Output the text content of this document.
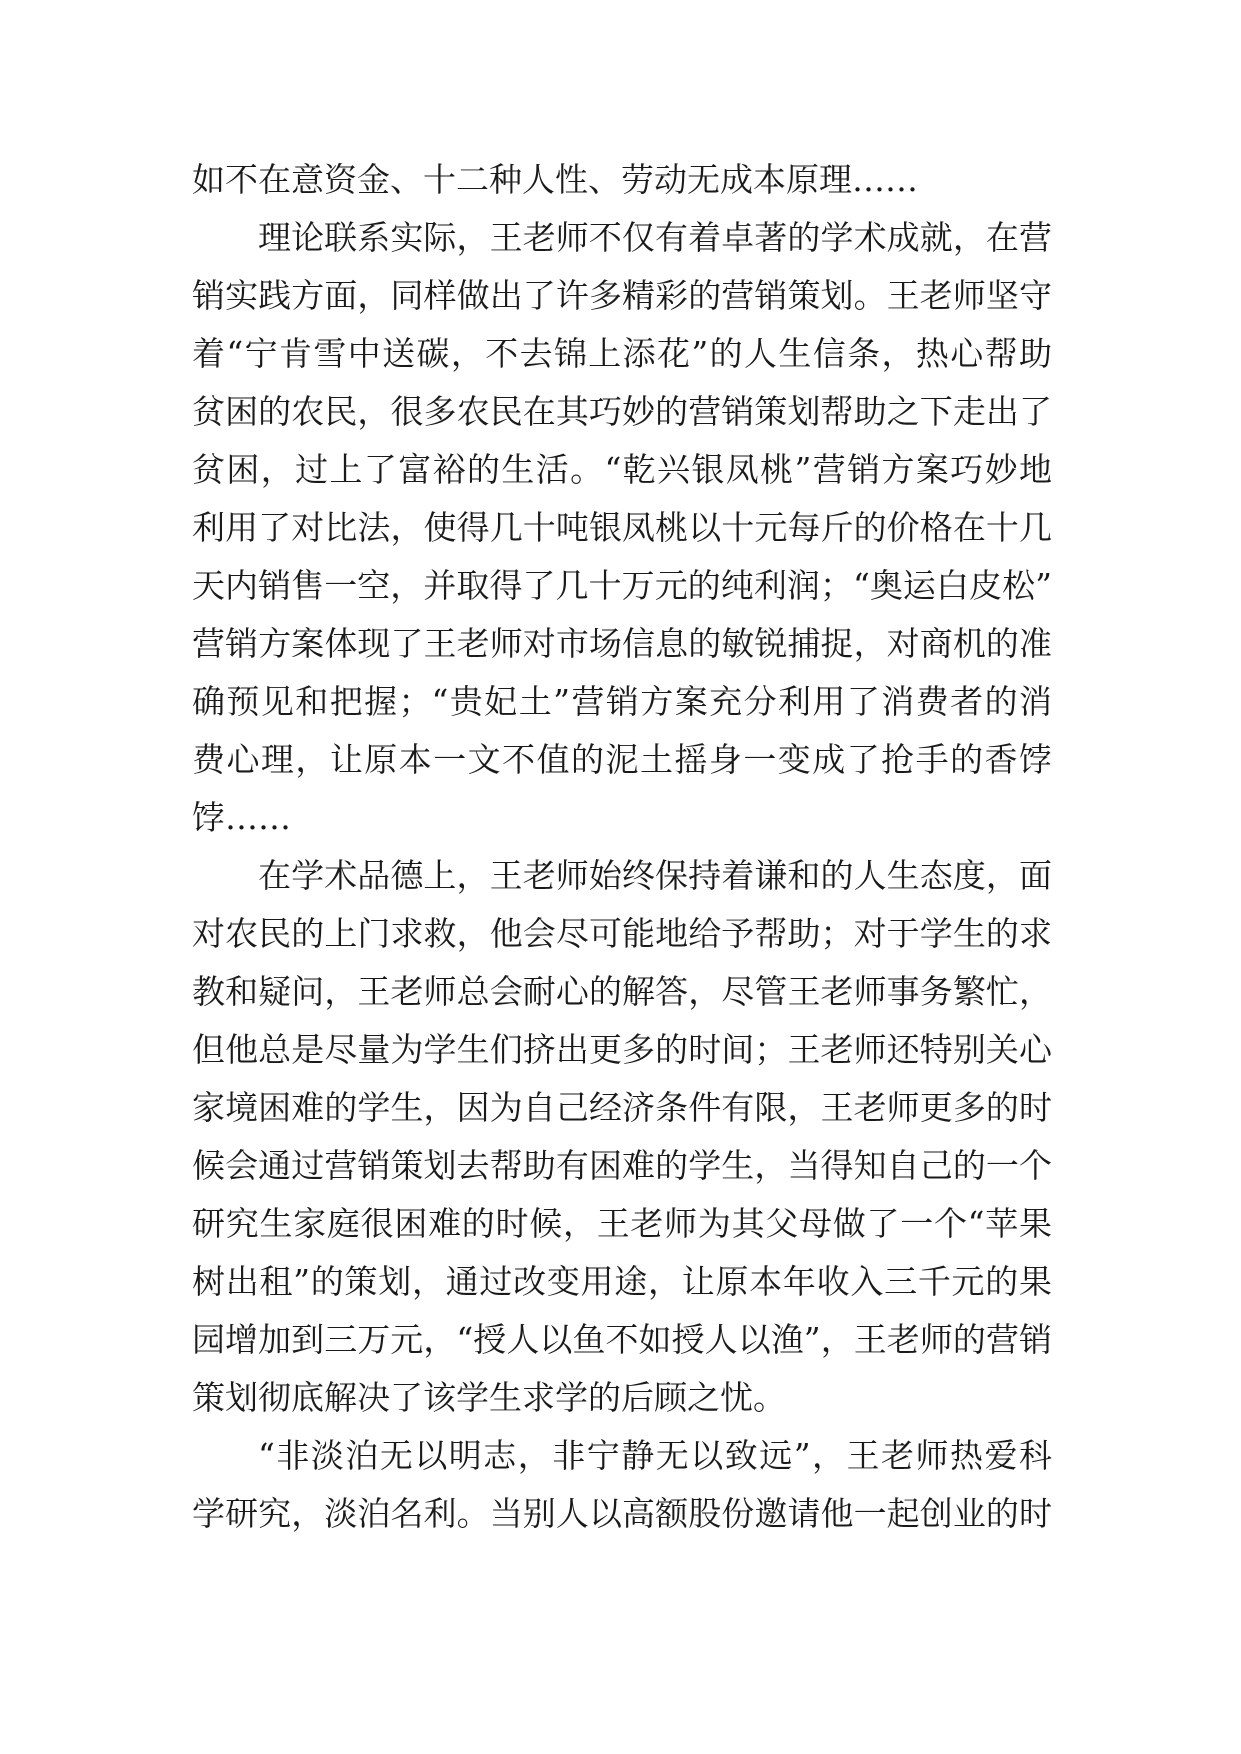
如不在意资金、十二种人性、劳动无成本原理……
理论联系实际，王老师不仅有着卓著的学术成就，在营
销实践方面，同样做出了许多精彩的营销策划。王老师坚守
着“宁肯雪中送碳，不去锦上添花”的人生信条，热心帮助
贫困的农民，很多农民在其巧妙的营销策划帮助之下走出了
贫困，过上了富裕的生活。“乾兴银凤桃”营销方案巧妙地
利用了对比法，使得几十吨银凤桃以十元每斤的价格在十几
天内销售一空，并取得了几十万元的纯利润；“奥运白皮松”
营销方案体现了王老师对市场信息的敏锐捕捉，对商机的准
确预见和把握；“贵妃土”营销方案充分利用了消费者的消
费心理，让原本一文不值的泥土摇身一变成了抢手的香饽
饽……
在学术品德上，王老师始终保持着谦和的人生态度，面
对农民的上门求救，他会尽可能地给予帮助；对于学生的求
教和疑问，王老师总会耐心的解答，尽管王老师事务繁忙，
但他总是尽量为学生们挤出更多的时间；王老师还特别关心
家境困难的学生，因为自己经济条件有限，王老师更多的时
候会通过营销策划去帮助有困难的学生，当得知自己的一个
研究生家庭很困难的时候，王老师为其父母做了一个“苹果
树出租”的策划，通过改变用途，让原本年收入三千元的果
园增加到三万元，“授人以鱼不如授人以渔”，王老师的营销
策划彻底解决了该学生求学的后顾之忧。
“非淡泊无以明志，非宁静无以致远”，王老师热爱科
学研究，淡泊名利。当别人以高额股份邀请他一起创业的时
